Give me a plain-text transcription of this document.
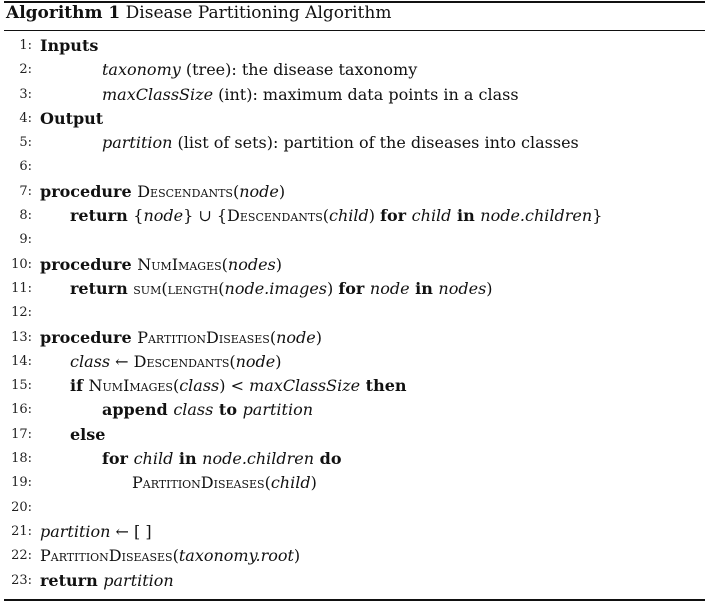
Algorithm 1 Disease Partitioning Algorithm
1: Inputs
2:	taxonomy (tree): the disease taxonomy
3:	maxClassSize (int): maximum data points in a class
4: Output
5:	partition (list of sets): partition of the diseases into classes
6:
7: procedure Descendants(node)
8:	return {node} ∪ {Descendants(child) for child in node.children}
9:
10: procedure NumImages(nodes)
11:	return sum(length(node.images) for node in nodes)
12:
13: procedure PartitionDiseases(node)
14:	class ← Descendants(node)
15:	if NumImages(class) < maxClassSize then
16:	append class to partition
17:	else
18:	for child in node.children do
19:	PartitionDiseases(child)
20:
21: partition ← [ ]
22: PartitionDiseases(taxonomy.root)
23: return partition
